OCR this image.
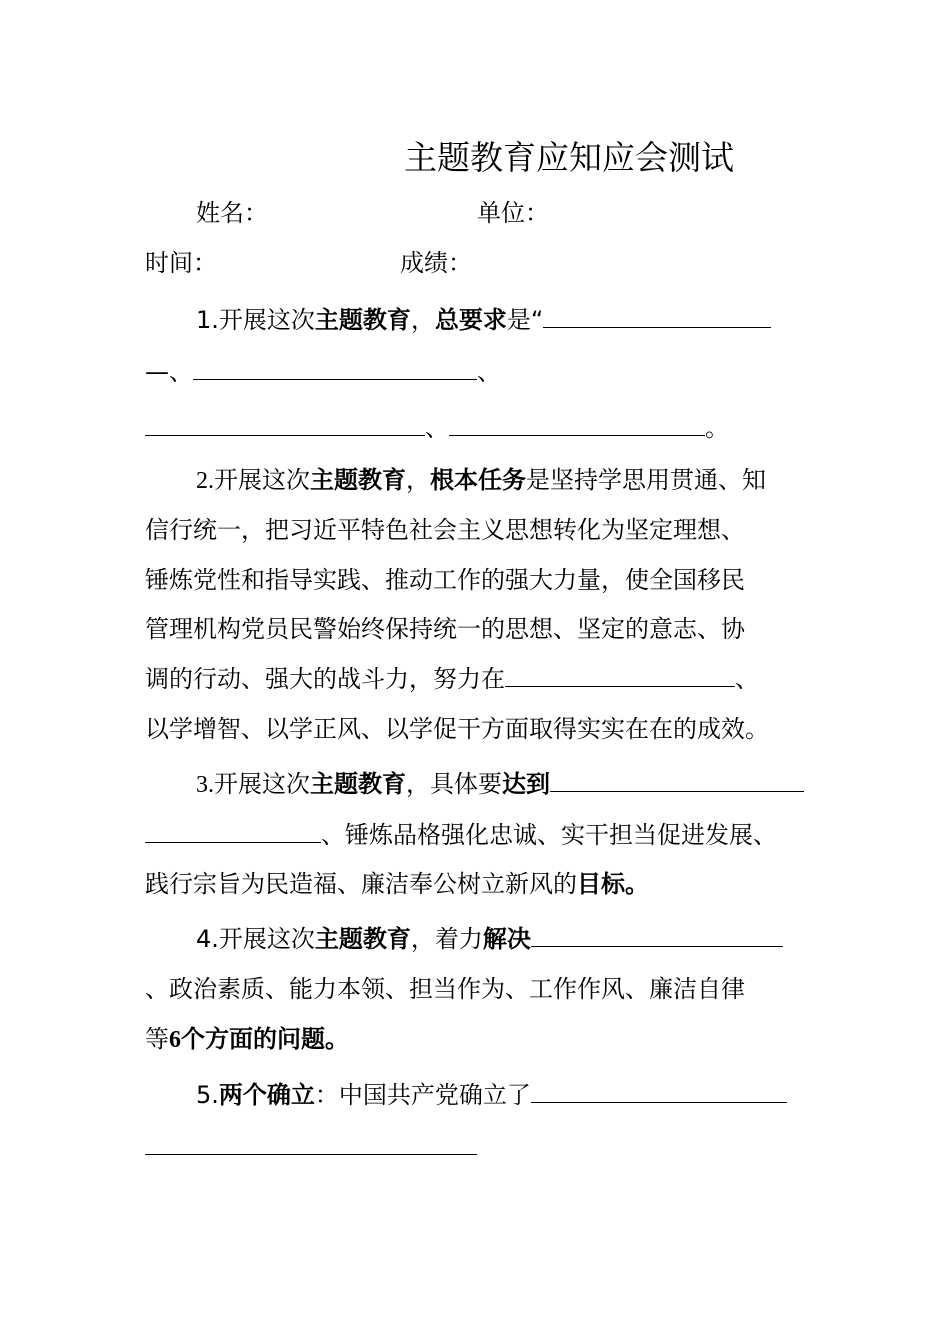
主题教育应知应会测试
姓名：	单位：
时间：	成绩：
1.开展这次主题教育，总要求是“
—、	、
、	。
2.开展这次主题教育，根本任务是坚持学思用贯通、知
信行统一，把习近平特色社会主义思想转化为坚定理想、
锤炼党性和指导实践、推动工作的强大力量，使全国移民
管理机构党员民警始终保持统一的思想、坚定的意志、协
调的行动、强大的战斗力，努力在	、
以学增智、以学正风、以学促干方面取得实实在在的成效。
3.开展这次主题教育，具体要达到
、锤炼品格强化忠诚、实干担当促进发展、
践行宗旨为民造福、廉洁奉公树立新风的目标。
4.开展这次主题教育，着力解决
、政治素质、能力本领、担当作为、工作作风、廉洁自律
等6个方面的问题。
5.两个确立：中国共产党确立了
